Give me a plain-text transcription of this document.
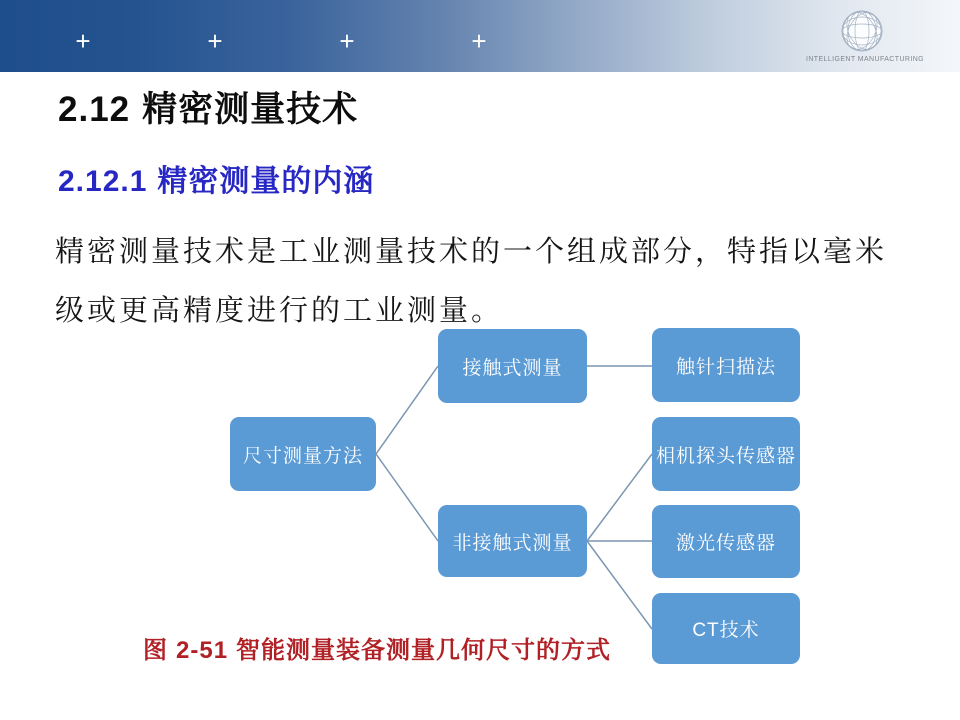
+	+	+	+
INTELLIGENT MANUFACTURING
2.12 精密测量技术
2.12.1 精密测量的内涵
精密测量技术是工业测量技术的一个组成部分，特指以毫米
级或更高精度进行的工业测量。
尺寸测量方法
接触式测量
非接触式测量
触针扫描法
相机探头传感器
激光传感器
CT技术
图 2-51 智能测量装备测量几何尺寸的方式
